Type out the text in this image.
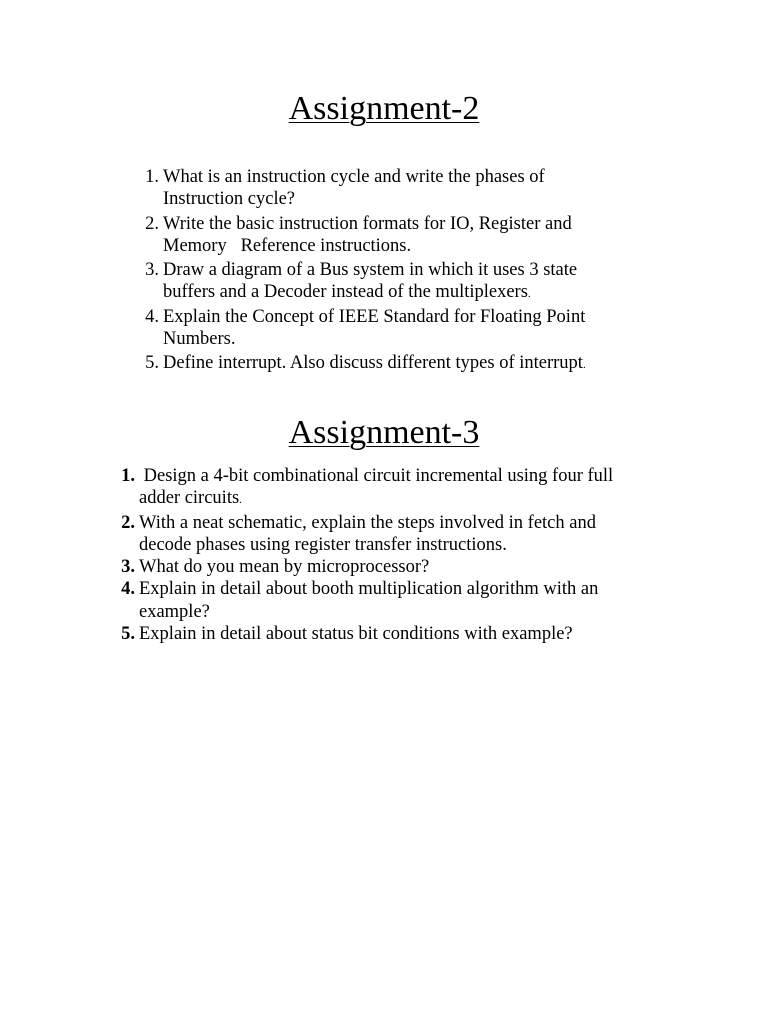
Assignment-2
1. What is an instruction cycle and write the phases of
Instruction cycle?
2. Write the basic instruction formats for IO, Register and
Memory   Reference instructions.
3. Draw a diagram of a Bus system in which it uses 3 state
buffers and a Decoder instead of the multiplexers.
4. Explain the Concept of IEEE Standard for Floating Point
Numbers.
5. Define interrupt. Also discuss different types of interrupt.
Assignment-3
1. Design a 4-bit combinational circuit incremental using four full
adder circuits.
2. With a neat schematic, explain the steps involved in fetch and
decode phases using register transfer instructions.
3. What do you mean by microprocessor?
4. Explain in detail about booth multiplication algorithm with an
example?
5. Explain in detail about status bit conditions with example?
